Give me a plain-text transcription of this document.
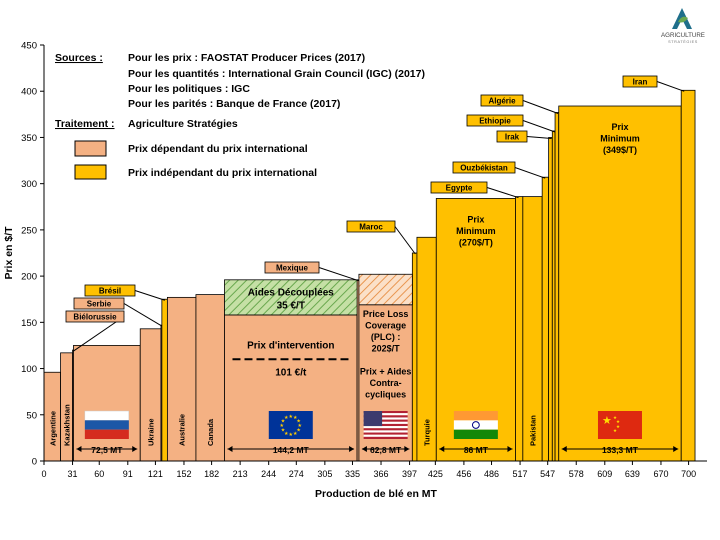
AGRICULTURE
STRATÉGIES
Sources : Pour les prix : FAOSTAT Producer Prices (2017)
Pour les quantités : International Grain Council (IGC) (2017)
Pour les politiques : IGC
Pour les parités : Banque de France (2017)
Traitement : Agriculture Stratégies
Prix dépendant du prix international
Prix indépendant du prix international
Argentine Kazakhstan
72,5 MT
Ukraine	Australie	Canada
★ ★
★
★
★
★
★
★
★
★
★
★
144,2 MT	62,8 MT
Turquie
86 MT
Pakistan	★ ★
★
★
★
133,3 MT
Aides Découplées
35 €/T
Prix d'intervention
101 €/t
Price Loss
Coverage
(PLC) :
202$/T
Prix + Aides
Contra-
cycliques
Prix
Minimum
(270$/T)
Prix
Minimum
(349$/T)
Biélorussie
Serbie
Brésil
Mexique
Maroc
Egypte
Ouzbékistan
Irak
Ethiopie
Algérie
Iran
0
50
100
150
200
250
300
350
400
450
0 31 60 91 121 152 182 213 244 274 305 335 366 397 425 456 486 517 547 578 609 639 670 700
Production de blé en MT
Prix en $/T
